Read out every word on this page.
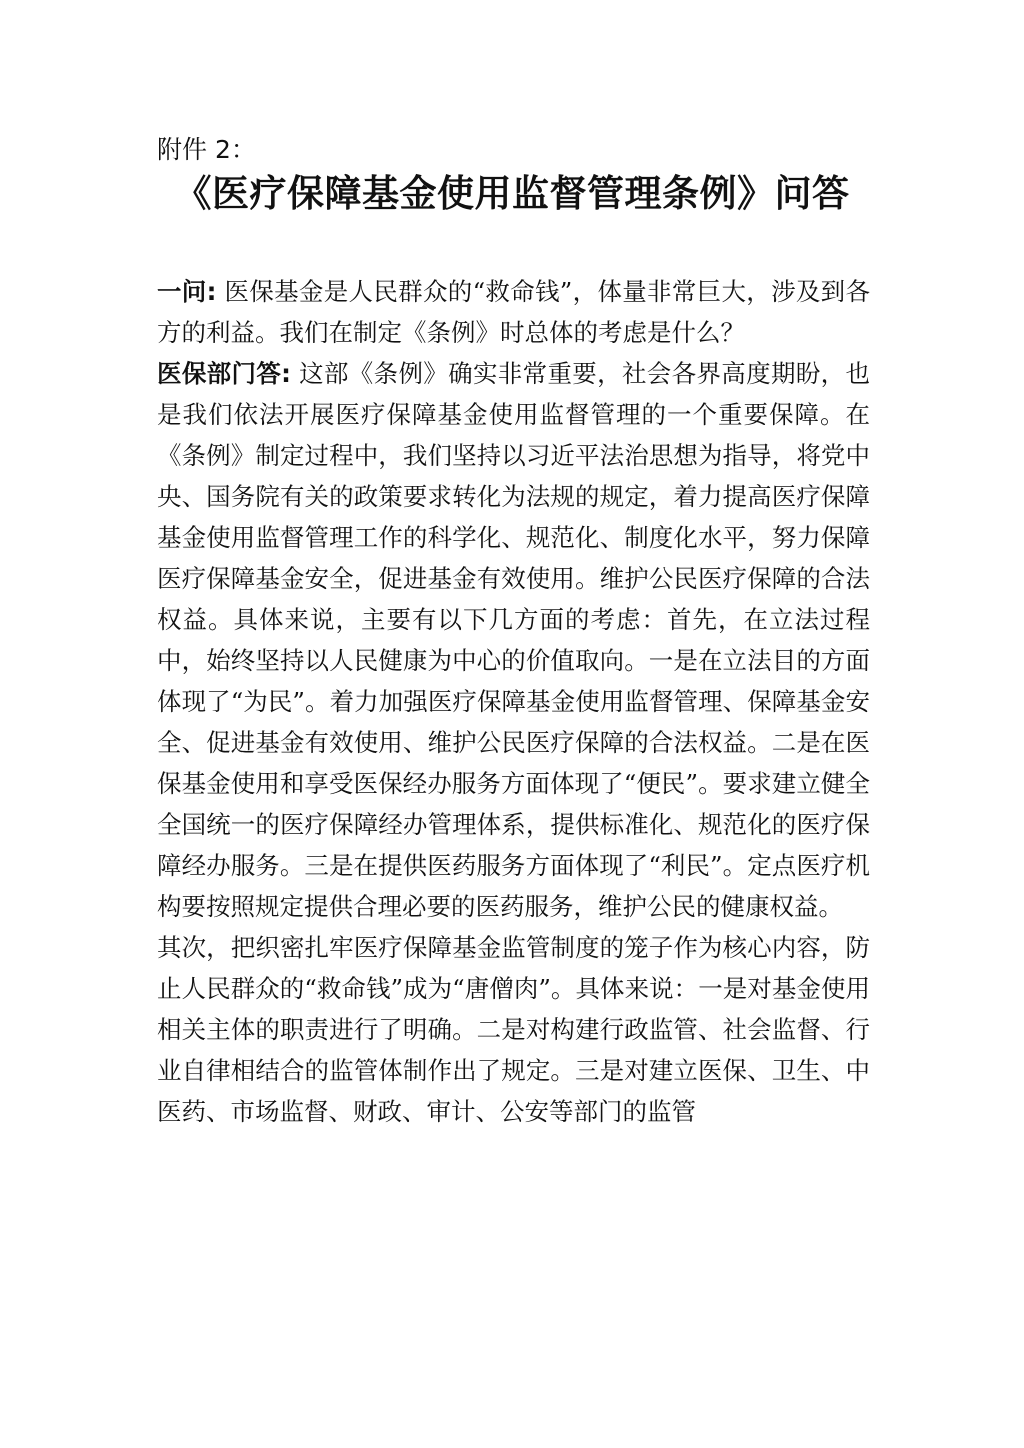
附件 2：
《医疗保障基金使用监督管理条例》问答

一问: 医保基金是人民群众的“救命钱”，体量非常巨大，涉及到各方的利益。我们在制定《条例》时总体的考虑是什么？

医保部门答: 这部《条例》确实非常重要，社会各界高度期盼，也是我们依法开展医疗保障基金使用监督管理的一个重要保障。在《条例》制定过程中，我们坚持以习近平法治思想为指导，将党中央、国务院有关的政策要求转化为法规的规定，着力提高医疗保障基金使用监督管理工作的科学化、规范化、制度化水平，努力保障医疗保障基金安全，促进基金有效使用。维护公民医疗保障的合法权益。具体来说，主要有以下几方面的考虑：首先，在立法过程中，始终坚持以人民健康为中心的价值取向。一是在立法目的方面体现了“为民”。着力加强医疗保障基金使用监督管理、保障基金安全、促进基金有效使用、维护公民医疗保障的合法权益。二是在医保基金使用和享受医保经办服务方面体现了“便民”。要求建立健全全国统一的医疗保障经办管理体系，提供标准化、规范化的医疗保障经办服务。三是在提供医药服务方面体现了“利民”。定点医疗机构要按照规定提供合理必要的医药服务，维护公民的健康权益。

其次，把织密扎牢医疗保障基金监管制度的笼子作为核心内容，防止人民群众的“救命钱”成为“唐僧肉”。具体来说：一是对基金使用相关主体的职责进行了明确。二是对构建行政监管、社会监督、行业自律相结合的监管体制作出了规定。三是对建立医保、卫生、中医药、市场监督、财政、审计、公安等部门的监管
